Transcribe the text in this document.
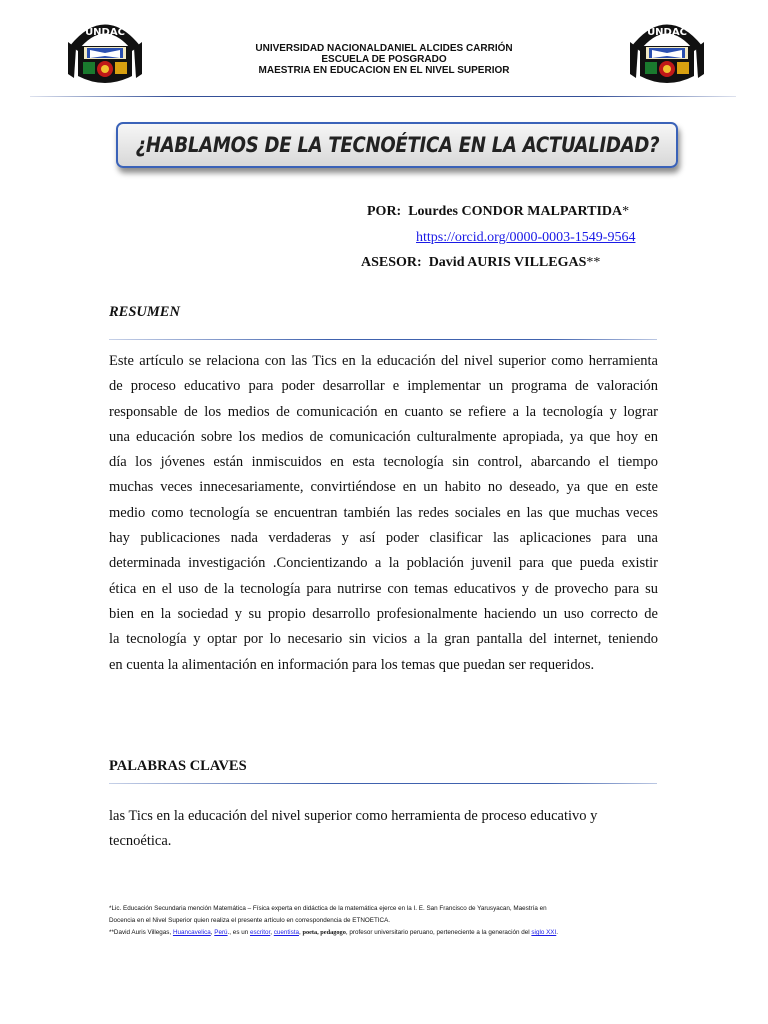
UNDAC	UNDAC
UNIVERSIDAD NACIONALDANIEL ALCIDES CARRIÓN
ESCUELA DE POSGRADO
MAESTRIA EN EDUCACION EN EL NIVEL SUPERIOR
¿HABLAMOS DE LA TECNOÉTICA EN LA ACTUALIDAD?
POR: Lourdes CONDOR MALPARTIDA*
https://orcid.org/0000-0003-1549-9564
ASESOR: David AURIS VILLEGAS**
RESUMEN
Este artículo se relaciona con las Tics en la educación del nivel superior como herramienta
de proceso educativo para poder desarrollar e implementar un programa de valoración
responsable de los medios de comunicación en cuanto se refiere a la tecnología y lograr
una educación sobre los medios de comunicación culturalmente apropiada, ya que hoy en
día los jóvenes están inmiscuidos en esta tecnología sin control, abarcando el tiempo
muchas veces innecesariamente, convirtiéndose en un habito no deseado, ya que en este
medio como tecnología se encuentran también las redes sociales en las que muchas veces
hay publicaciones nada verdaderas y así poder clasificar las aplicaciones para una
determinada investigación .Concientizando a la población juvenil para que pueda existir
ética en el uso de la tecnología para nutrirse con temas educativos y de provecho para su
bien en la sociedad y su propio desarrollo profesionalmente haciendo un uso correcto de
la tecnología y optar por lo necesario sin vicios a la gran pantalla del internet, teniendo
en cuenta la alimentación en información para los temas que puedan ser requeridos.
PALABRAS CLAVES
las Tics en la educación del nivel superior como herramienta de proceso educativo y
tecnoética.
*Lic. Educación Secundaria mención Matemática – Física experta en didáctica de la matemática ejerce en la I. E. San Francisco de Yarusyacan, Maestría en
Docencia en el Nivel Superior quien realiza el presente artículo en correspondencia de ETNOETICA.
**David Auris Villegas, Huancavelica, Perú., es un escritor, cuentista, poeta, pedagogo, profesor universitario peruano, perteneciente a la generación del siglo XXI.
